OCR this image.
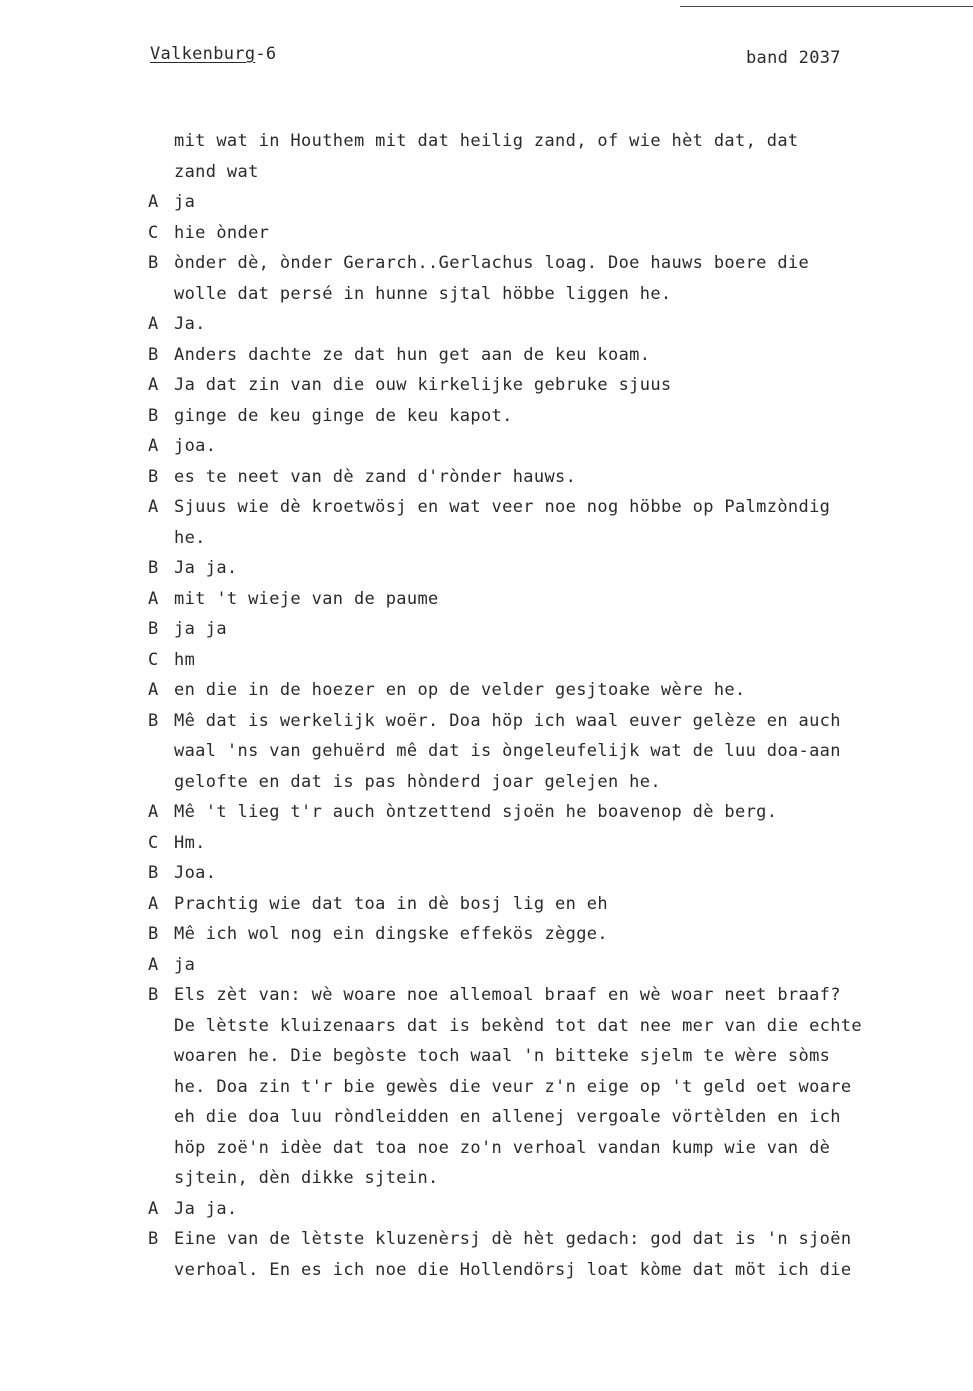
Valkenburg-6	band 2037
mit wat in Houthem mit dat heilig zand, of wie hèt dat, dat
zand wat
A ja
C hie ònder
B ònder dè, ònder Gerarch..Gerlachus loag. Doe hauws boere die
wolle dat persé in hunne sjtal höbbe liggen he.
A Ja.
B Anders dachte ze dat hun get aan de keu koam.
A Ja dat zin van die ouw kirkelijke gebruke sjuus
B ginge de keu ginge de keu kapot.
A joa.
B es te neet van dè zand d'rònder hauws.
A Sjuus wie dè kroetwösj en wat veer noe nog höbbe op Palmzòndig
he.
B Ja ja.
A mit 't wieje van de paume
B ja ja
C hm
A en die in de hoezer en op de velder gesjtoake wère he.
B Mê dat is werkelijk woër. Doa höp ich waal euver gelèze en auch
waal 'ns van gehuërd mê dat is òngeleufelijk wat de luu doa-aan
gelofte en dat is pas hònderd joar gelejen he.
A Mê 't lieg t'r auch òntzettend sjoën he boavenop dè berg.
C Hm.
B Joa.
A Prachtig wie dat toa in dè bosj lig en eh
B Mê ich wol nog ein dingske effekös zègge.
A ja
B Els zèt van: wè woare noe allemoal braaf en wè woar neet braaf?
De lètste kluizenaars dat is bekènd tot dat nee mer van die echte
woaren he. Die begòste toch waal 'n bitteke sjelm te wère sòms
he. Doa zin t'r bie gewès die veur z'n eige op 't geld oet woare
eh die doa luu ròndleidden en allenej vergoale vörtèlden en ich
höp zoë'n idèe dat toa noe zo'n verhoal vandan kump wie van dè
sjtein, dèn dikke sjtein.
A Ja ja.
B Eine van de lètste kluzenèrsj dè hèt gedach: god dat is 'n sjoën
verhoal. En es ich noe die Hollendörsj loat kòme dat möt ich die
